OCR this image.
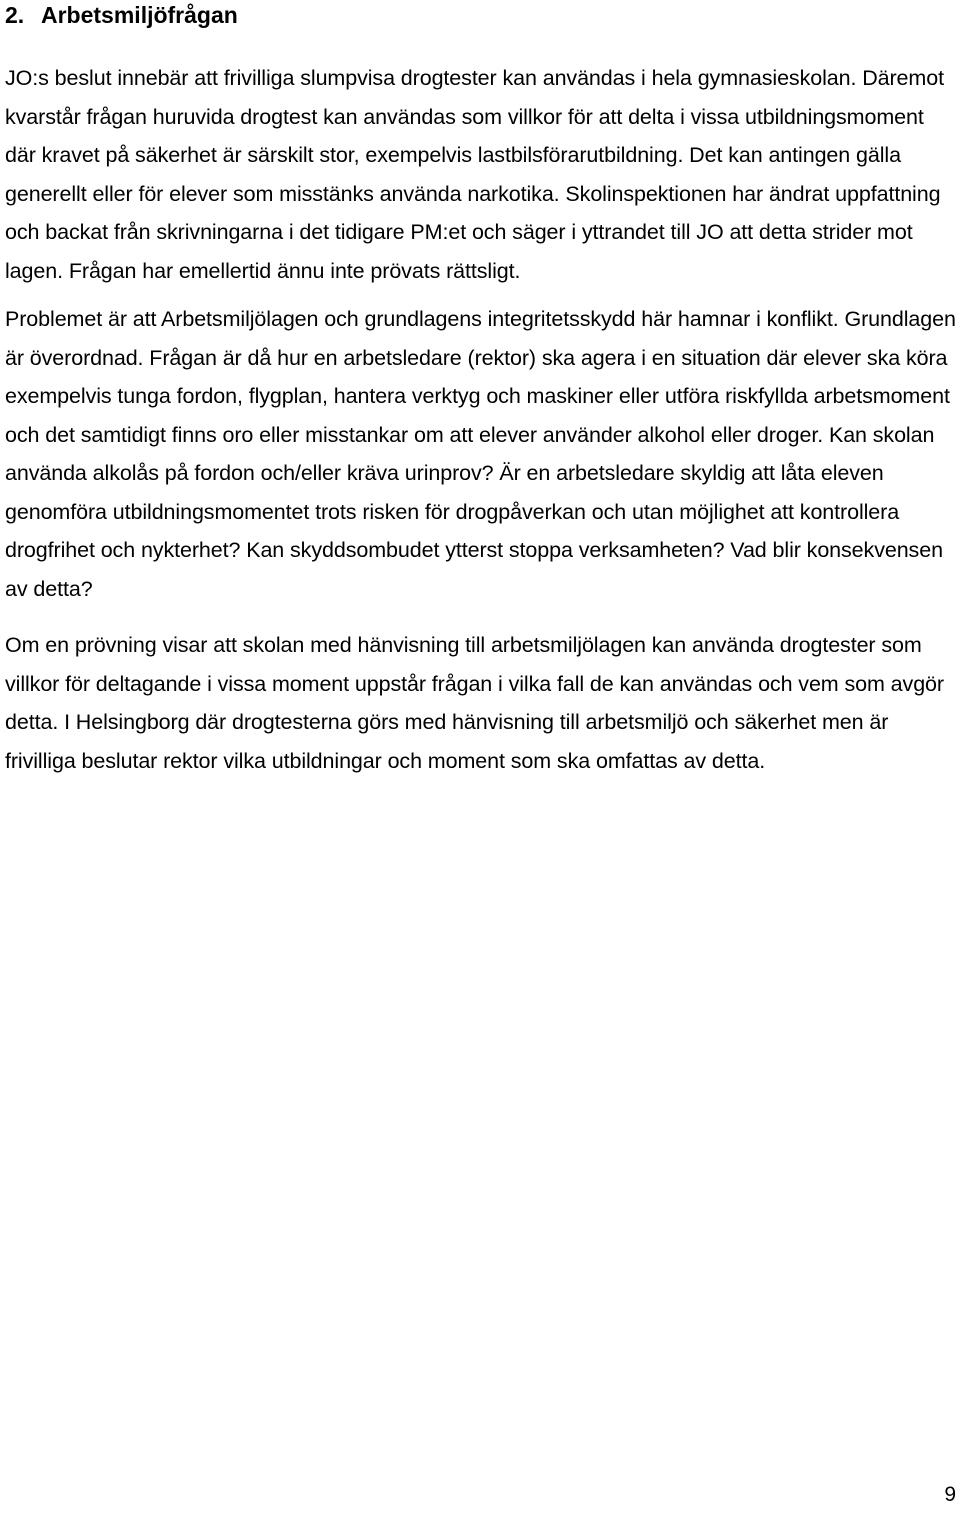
2. Arbetsmiljöfrågan

JO:s beslut innebär att frivilliga slumpvisa drogtester kan användas i hela gymnasieskolan. Däremot kvarstår frågan huruvida drogtest kan användas som villkor för att delta i vissa utbildningsmoment där kravet på säkerhet är särskilt stor, exempelvis lastbilsförarutbildning. Det kan antingen gälla generellt eller för elever som misstänks använda narkotika. Skolinspektionen har ändrat uppfattning och backat från skrivningarna i det tidigare PM:et och säger i yttrandet till JO att detta strider mot lagen. Frågan har emellertid ännu inte prövats rättsligt.

Problemet är att Arbetsmiljölagen och grundlagens integritetsskydd här hamnar i konflikt. Grundlagen är överordnad. Frågan är då hur en arbetsledare (rektor) ska agera i en situation där elever ska köra exempelvis tunga fordon, flygplan, hantera verktyg och maskiner eller utföra riskfyllda arbetsmoment och det samtidigt finns oro eller misstankar om att elever använder alkohol eller droger. Kan skolan använda alkolås på fordon och/eller kräva urinprov? Är en arbetsledare skyldig att låta eleven genomföra utbildningsmomentet trots risken för drogpåverkan och utan möjlighet att kontrollera drogfrihet och nykterhet? Kan skyddsombudet ytterst stoppa verksamheten? Vad blir konsekvensen av detta?

Om en prövning visar att skolan med hänvisning till arbetsmiljölagen kan använda drogtester som villkor för deltagande i vissa moment uppstår frågan i vilka fall de kan användas och vem som avgör detta. I Helsingborg där drogtesterna görs med hänvisning till arbetsmiljö och säkerhet men är frivilliga beslutar rektor vilka utbildningar och moment som ska omfattas av detta.

9
